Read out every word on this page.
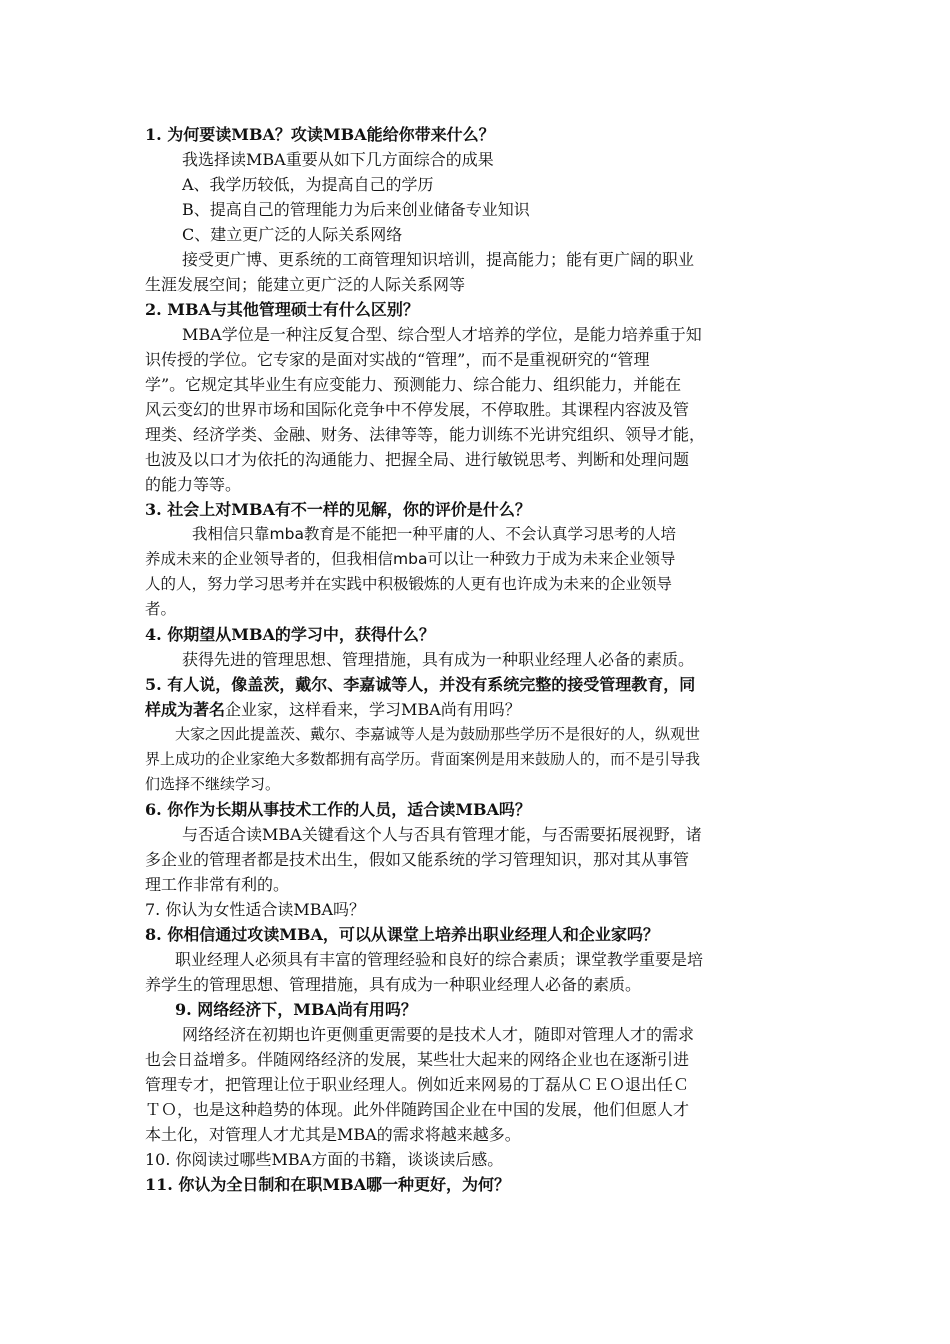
1. 为何要读MBA？攻读MBA能给你带来什么？
我选择读MBA重要从如下几方面综合的成果
A、我学历较低，为提高自己的学历
B、提高自己的管理能力为后来创业储备专业知识
C、建立更广泛的人际关系网络
接受更广博、更系统的工商管理知识培训，提高能力；能有更广阔的职业
生涯发展空间；能建立更广泛的人际关系网等
2. MBA与其他管理硕士有什么区别？
MBA学位是一种注反复合型、综合型人才培养的学位，是能力培养重于知
识传授的学位。它专家的是面对实战的“管理”，而不是重视研究的“管理
学”。它规定其毕业生有应变能力、预测能力、综合能力、组织能力，并能在
风云变幻的世界市场和国际化竞争中不停发展，不停取胜。其课程内容波及管
理类、经济学类、金融、财务、法律等等，能力训练不光讲究组织、领导才能，
也波及以口才为依托的沟通能力、把握全局、进行敏锐思考、判断和处理问题
的能力等等。
3. 社会上对MBA有不一样的见解，你的评价是什么？
我相信只靠mba教育是不能把一种平庸的人、不会认真学习思考的人培
养成未来的企业领导者的，但我相信mba可以让一种致力于成为未来企业领导
人的人，努力学习思考并在实践中积极锻炼的人更有也许成为未来的企业领导
者。
4. 你期望从MBA的学习中，获得什么？
获得先进的管理思想、管理措施，具有成为一种职业经理人必备的素质。
5. 有人说，像盖茨，戴尔、李嘉诚等人，并没有系统完整的接受管理教育，同
样成为著名企业家，这样看来，学习MBA尚有用吗？
大家之因此提盖茨、戴尔、李嘉诚等人是为鼓励那些学历不是很好的人，纵观世
界上成功的企业家绝大多数都拥有高学历。背面案例是用来鼓励人的，而不是引导我
们选择不继续学习。
6. 你作为长期从事技术工作的人员，适合读MBA吗？
与否适合读MBA关键看这个人与否具有管理才能，与否需要拓展视野，诸
多企业的管理者都是技术出生，假如又能系统的学习管理知识，那对其从事管
理工作非常有利的。
7. 你认为女性适合读MBA吗？
8. 你相信通过攻读MBA，可以从课堂上培养出职业经理人和企业家吗？
职业经理人必须具有丰富的管理经验和良好的综合素质；课堂教学重要是培
养学生的管理思想、管理措施，具有成为一种职业经理人必备的素质。
9. 网络经济下，MBA尚有用吗？
网络经济在初期也许更侧重更需要的是技术人才，随即对管理人才的需求
也会日益增多。伴随网络经济的发展，某些壮大起来的网络企业也在逐渐引进
管理专才，把管理让位于职业经理人。例如近来网易的丁磊从ＣＥＯ退出任Ｃ
ＴＯ，也是这种趋势的体现。此外伴随跨国企业在中国的发展，他们但愿人才
本土化，对管理人才尤其是MBA的需求将越来越多。
10. 你阅读过哪些MBA方面的书籍，谈谈读后感。
11. 你认为全日制和在职MBA哪一种更好，为何？
